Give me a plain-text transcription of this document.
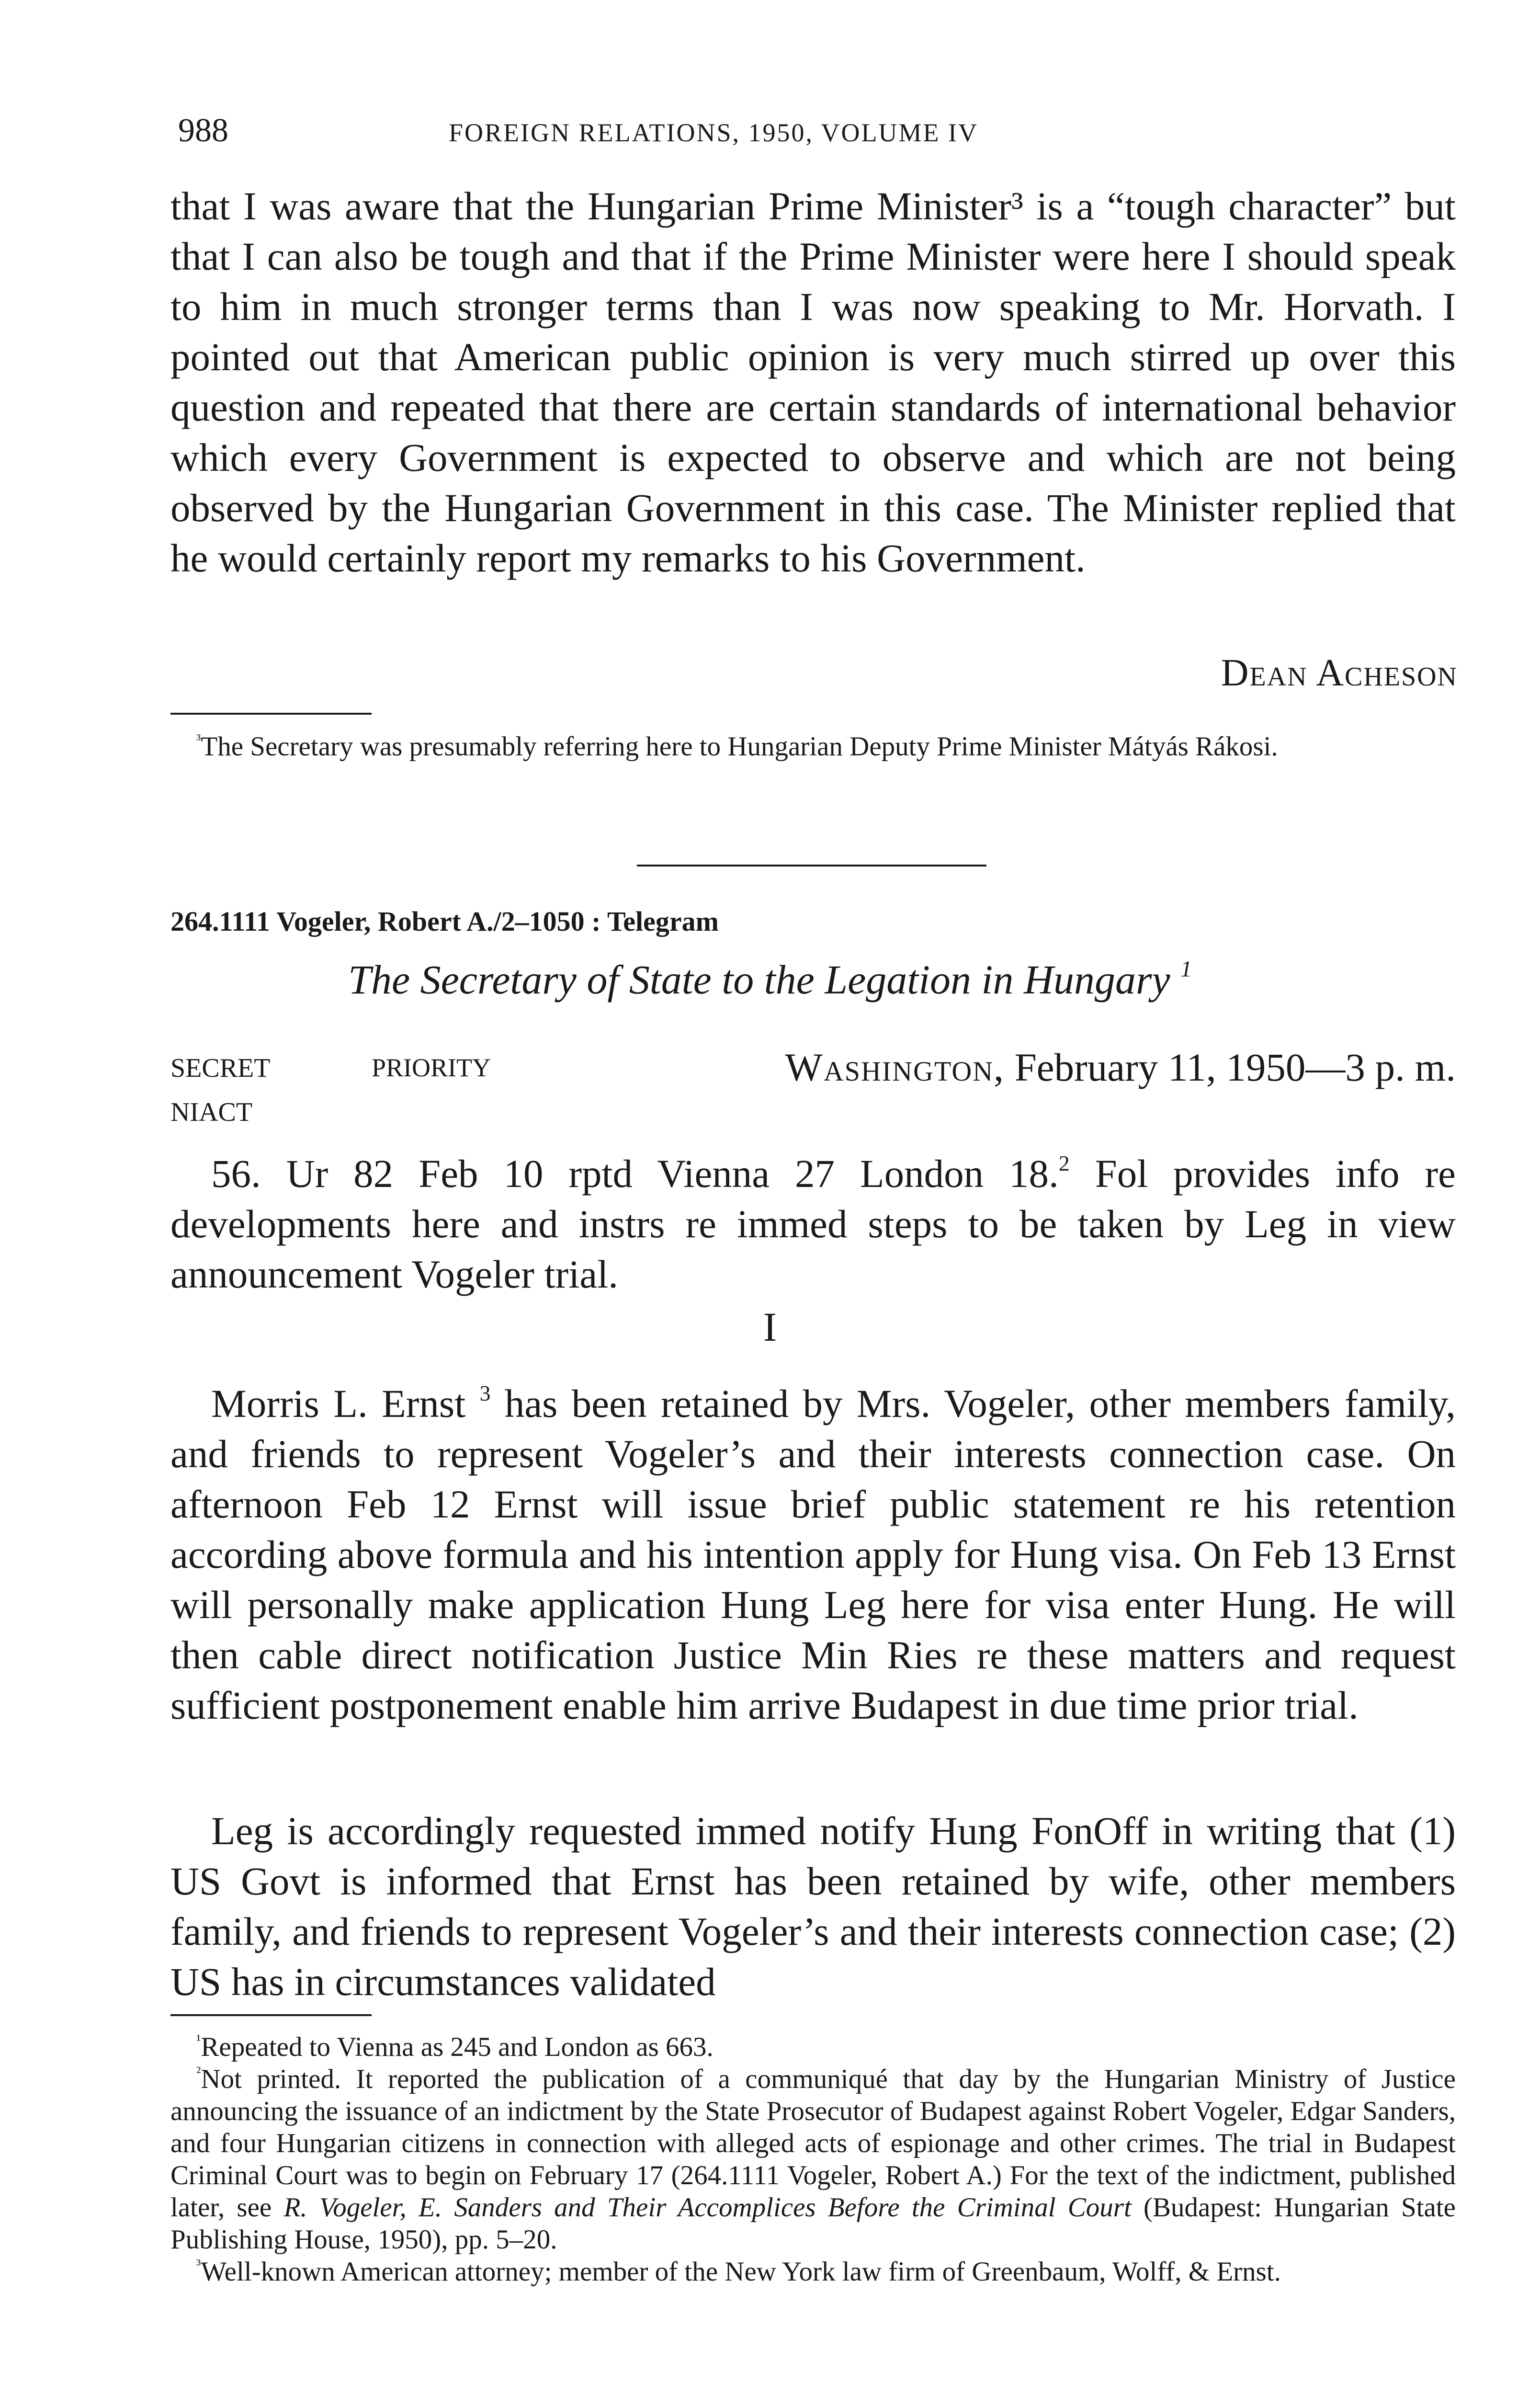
988	FOREIGN RELATIONS, 1950, VOLUME IV

that I was aware that the Hungarian Prime Minister³ is a “tough character” but that I can also be tough and that if the Prime Minister were here I should speak to him in much stronger terms than I was now speaking to Mr. Horvath. I pointed out that American public opinion is very much stirred up over this question and repeated that there are certain standards of international behavior which every Government is expected to observe and which are not being observed by the Hungarian Government in this case. The Minister replied that he would certainly report my remarks to his Government.

Dean Acheson

$^{^3}$The Secretary was presumably referring here to Hungarian Deputy Prime Minister Mátyás Rákosi.

264.1111 Vogeler, Robert A./2–1050 : Telegram
The Secretary of State to the Legation in Hungary $^1$
SECRET	PRIORITY	Washington, February 11, 1950—3 p. m.
NIACT

56. Ur 82 Feb 10 rptd Vienna 27 London 18.$^2$ Fol provides info re developments here and instrs re immed steps to be taken by Leg in view announcement Vogeler trial.

I

Morris L. Ernst $^3$ has been retained by Mrs. Vogeler, other members family, and friends to represent Vogeler’s and their interests connection case. On afternoon Feb 12 Ernst will issue brief public statement re his retention according above formula and his intention apply for Hung visa. On Feb 13 Ernst will personally make application Hung Leg here for visa enter Hung. He will then cable direct notification Justice Min Ries re these matters and request sufficient postponement enable him arrive Budapest in due time prior trial.

Leg is accordingly requested immed notify Hung FonOff in writing that (1) US Govt is informed that Ernst has been retained by wife, other members family, and friends to represent Vogeler’s and their interests connection case; (2) US has in circumstances validated

$^{^1}$Repeated to Vienna as 245 and London as 663.

$^{^2}$Not printed. It reported the publication of a communiqué that day by the Hungarian Ministry of Justice announcing the issuance of an indictment by the State Prosecutor of Budapest against Robert Vogeler, Edgar Sanders, and four Hungarian citizens in connection with alleged acts of espionage and other crimes. The trial in Budapest Criminal Court was to begin on February 17 (264.1111 Vogeler, Robert A.) For the text of the indictment, published later, see R. Vogeler, E. Sanders and Their Accomplices Before the Criminal Court (Budapest: Hungarian State Publishing House, 1950), pp. 5–20.

$^{^3}$Well-known American attorney; member of the New York law firm of Greenbaum, Wolff, & Ernst.
